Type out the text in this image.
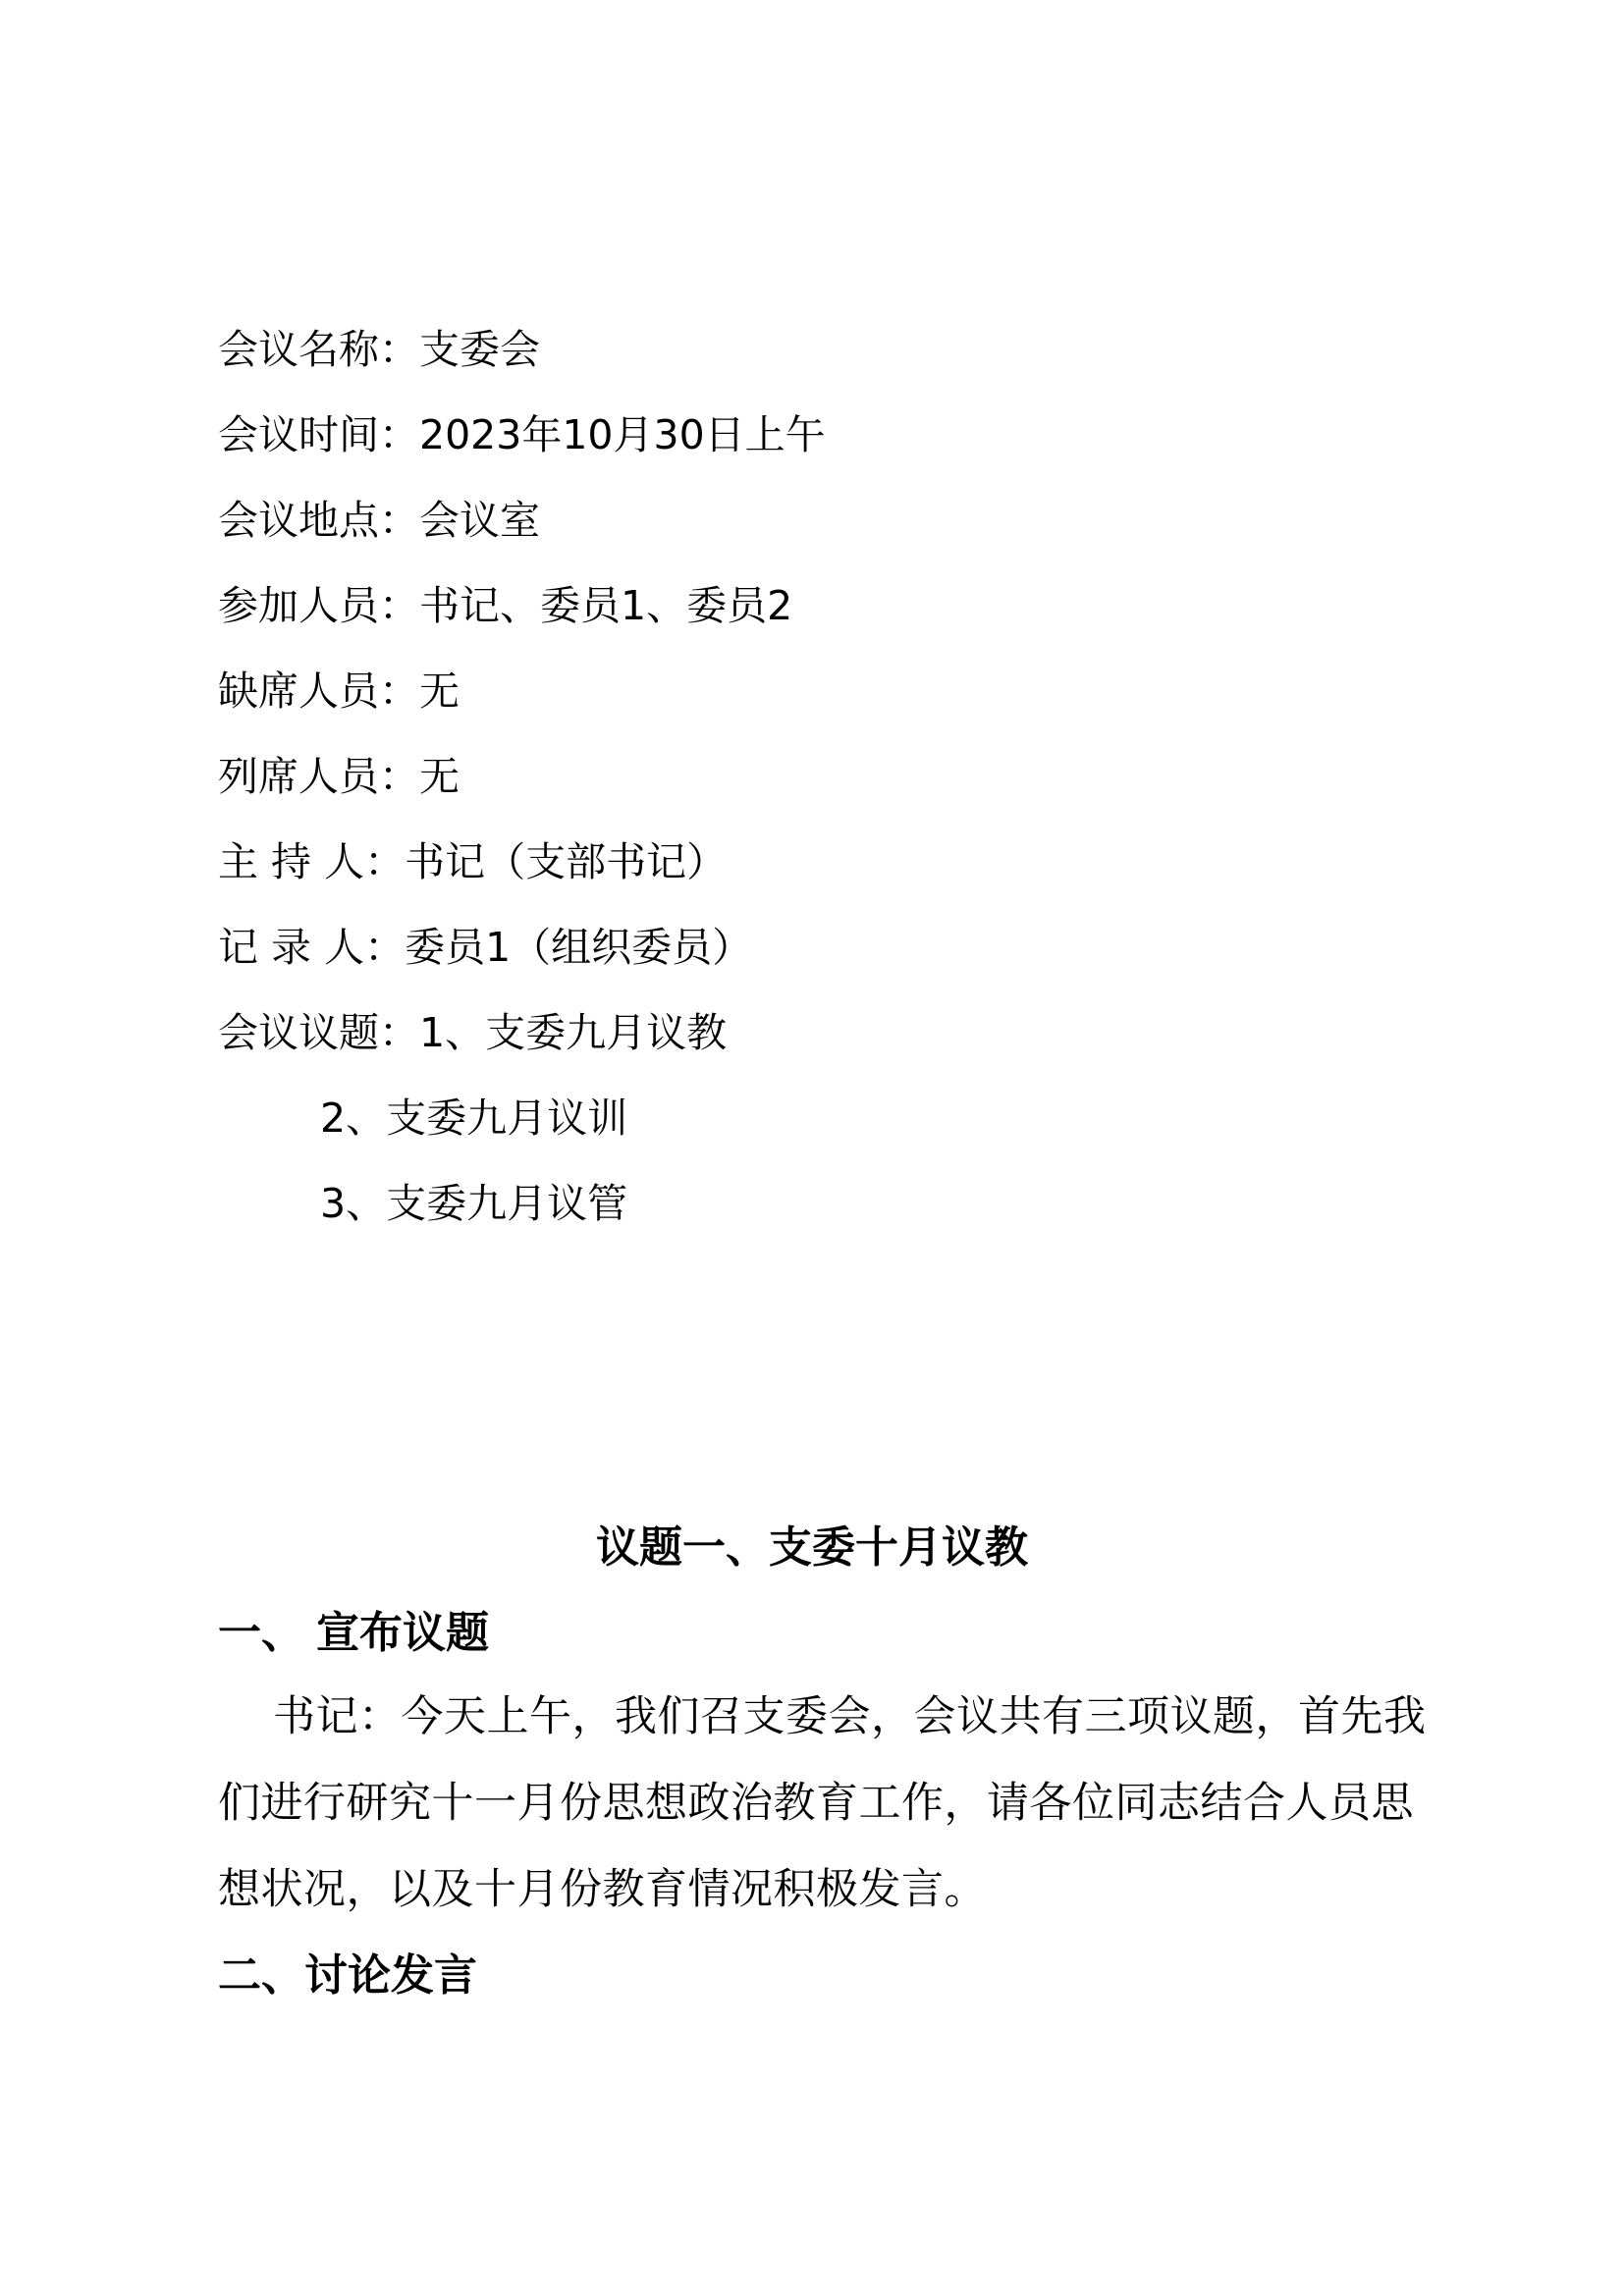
会议名称：支委会
会议时间：2023年10月30日上午
会议地点：会议室
参加人员：书记、委员1、委员2
缺席人员：无
列席人员：无
主 持 人：书记（支部书记）
记 录 人：委员1（组织委员）
会议议题：1、支委九月议教
2、支委九月议训
3、支委九月议管
议题一、支委十月议教
一、 宣布议题
书记：今天上午，我们召支委会，会议共有三项议题，首先我们进行研究十一月份思想政治教育工作，请各位同志结合人员思想状况，以及十月份教育情况积极发言。
二、讨论发言
